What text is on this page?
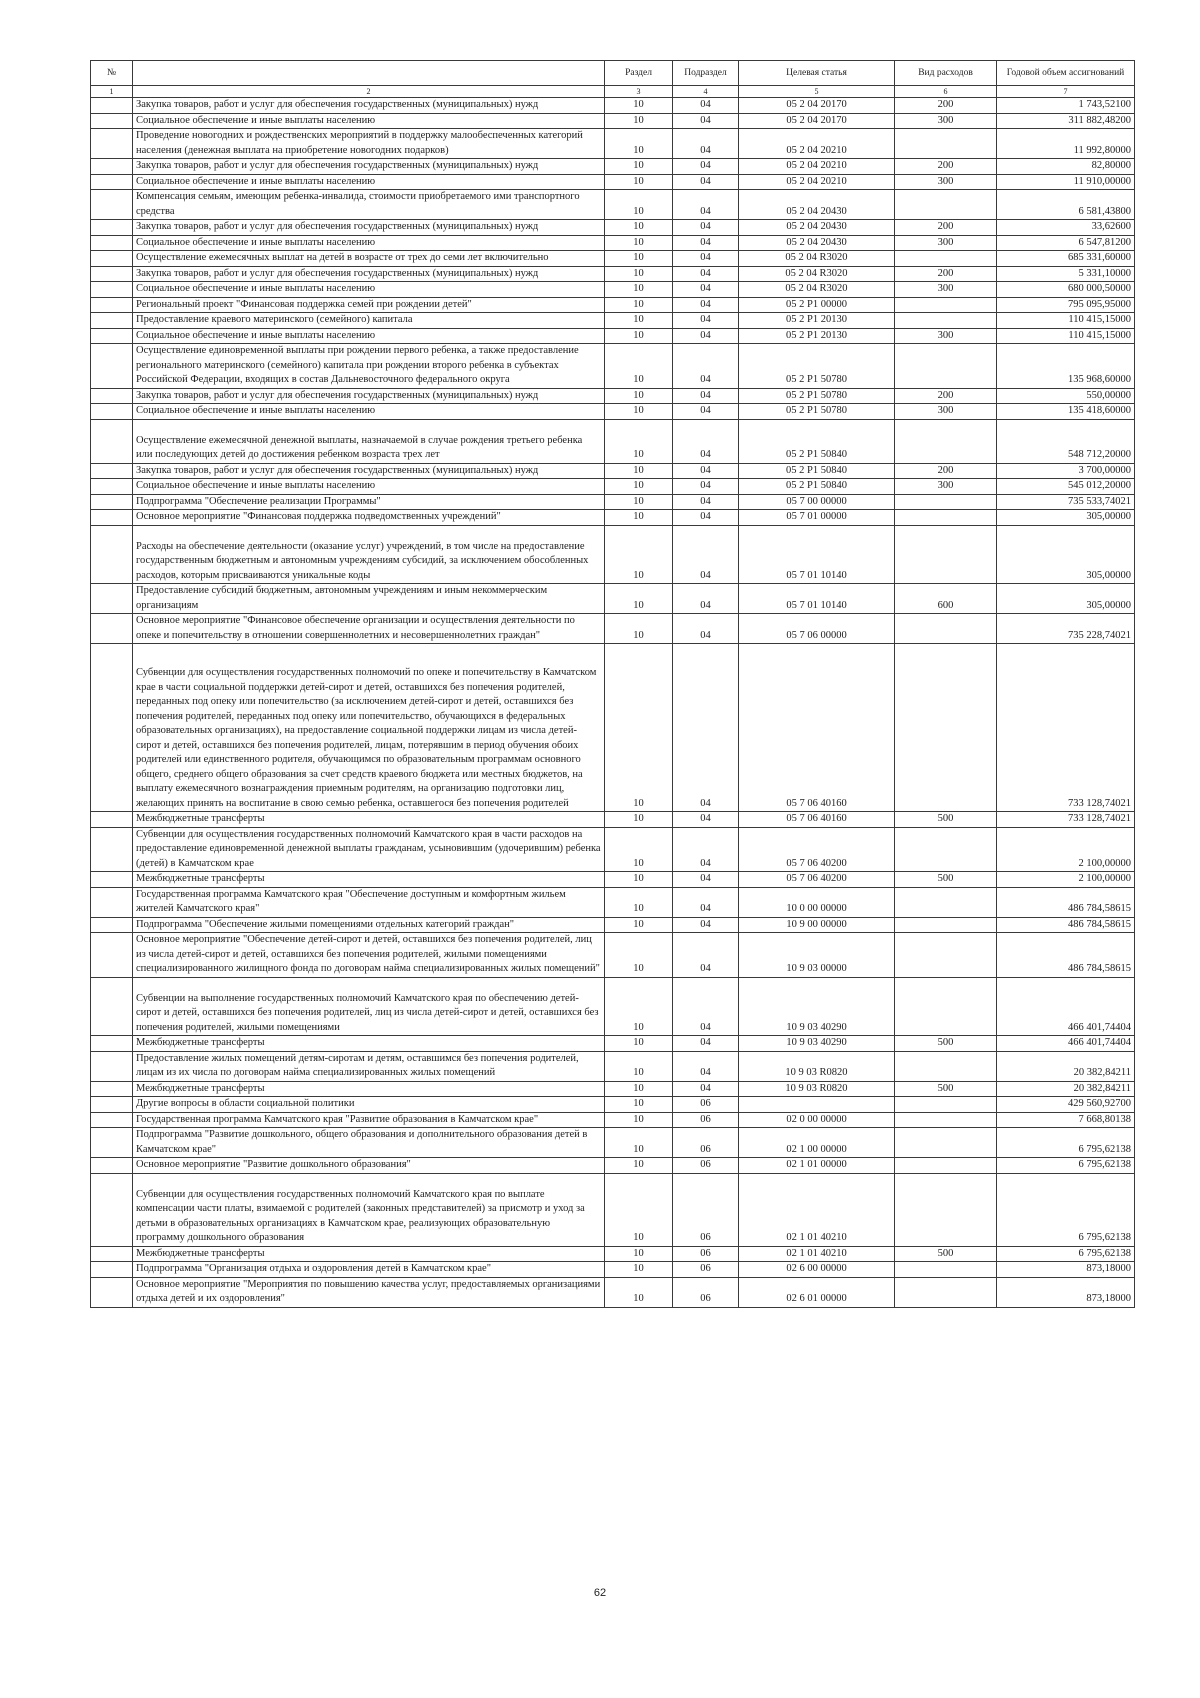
№		Раздел	Подраздел	Целевая статья	Вид расходов	Годовой объем ассигнований
1	2	3	4	5	6	7
	Закупка товаров, работ и услуг для обеспечения государственных (муниципальных) нужд	10	04	05 2 04 20170	200	1 743,52100
	Социальное обеспечение и иные выплаты населению	10	04	05 2 04 20170	300	311 882,48200
	Проведение новогодних и рождественских мероприятий в поддержку малообеспеченных категорий населения (денежная выплата на приобретение новогодних подарков)	10	04	05 2 04 20210		11 992,80000
	Закупка товаров, работ и услуг для обеспечения государственных (муниципальных) нужд	10	04	05 2 04 20210	200	82,80000
	Социальное обеспечение и иные выплаты населению	10	04	05 2 04 20210	300	11 910,00000
	Компенсация семьям, имеющим ребенка-инвалида, стоимости приобретаемого ими транспортного средства	10	04	05 2 04 20430		6 581,43800
	Закупка товаров, работ и услуг для обеспечения государственных (муниципальных) нужд	10	04	05 2 04 20430	200	33,62600
	Социальное обеспечение и иные выплаты населению	10	04	05 2 04 20430	300	6 547,81200
	Осуществление ежемесячных выплат на детей в возрасте от трех до семи лет включительно	10	04	05 2 04 R3020		685 331,60000
	Закупка товаров, работ и услуг для обеспечения государственных (муниципальных) нужд	10	04	05 2 04 R3020	200	5 331,10000
	Социальное обеспечение и иные выплаты населению	10	04	05 2 04 R3020	300	680 000,50000
	Региональный проект "Финансовая поддержка семей при рождении детей"	10	04	05 2 P1 00000		795 095,95000
	Предоставление краевого материнского (семейного) капитала	10	04	05 2 P1 20130		110 415,15000
	Социальное обеспечение и иные выплаты населению	10	04	05 2 P1 20130	300	110 415,15000
	Осуществление единовременной выплаты при рождении первого ребенка, а также предоставление регионального материнского (семейного) капитала при рождении второго ребенка в субъектах Российской Федерации, входящих в состав Дальневосточного федерального округа	10	04	05 2 P1 50780		135 968,60000
	Закупка товаров, работ и услуг для обеспечения государственных (муниципальных) нужд	10	04	05 2 P1 50780	200	550,00000
	Социальное обеспечение и иные выплаты населению	10	04	05 2 P1 50780	300	135 418,60000
	Осуществление ежемесячной денежной выплаты, назначаемой в случае рождения третьего ребенка или последующих детей до достижения ребенком возраста трех лет	10	04	05 2 P1 50840		548 712,20000
	Закупка товаров, работ и услуг для обеспечения государственных (муниципальных) нужд	10	04	05 2 P1 50840	200	3 700,00000
	Социальное обеспечение и иные выплаты населению	10	04	05 2 P1 50840	300	545 012,20000
	Подпрограмма "Обеспечение реализации Программы"	10	04	05 7 00 00000		735 533,74021
	Основное мероприятие "Финансовая поддержка подведомственных учреждений"	10	04	05 7 01 00000		305,00000
	Расходы на обеспечение деятельности (оказание услуг) учреждений, в том числе на предоставление государственным бюджетным и автономным учреждениям субсидий, за исключением обособленных расходов, которым присваиваются уникальные коды	10	04	05 7 01 10140		305,00000
	Предоставление субсидий бюджетным, автономным учреждениям и иным некоммерческим организациям	10	04	05 7 01 10140	600	305,00000
	Основное мероприятие "Финансовое обеспечение организации и осуществления деятельности по опеке и попечительству в отношении совершеннолетних и несовершеннолетних граждан"	10	04	05 7 06 00000		735 228,74021
	Субвенции для осуществления государственных полномочий по опеке и попечительству в Камчатском крае в части социальной поддержки детей-сирот и детей, оставшихся без попечения родителей, переданных под опеку или попечительство (за исключением детей-сирот и детей, оставшихся без попечения родителей, переданных под опеку или попечительство, обучающихся в федеральных образовательных организациях), на предоставление социальной поддержки лицам из числа детей-сирот и детей, оставшихся без попечения родителей, лицам, потерявшим в период обучения обоих родителей или единственного родителя, обучающимся по образовательным программам основного общего, среднего общего образования за счет средств краевого бюджета или местных бюджетов, на выплату ежемесячного вознаграждения приемным родителям, на организацию подготовки лиц, желающих принять на воспитание в свою семью ребенка, оставшегося без попечения родителей	10	04	05 7 06 40160		733 128,74021
	Межбюджетные трансферты	10	04	05 7 06 40160	500	733 128,74021
	Субвенции для осуществления государственных полномочий Камчатского края в части расходов на предоставление единовременной денежной выплаты гражданам, усыновившим (удочерившим) ребенка (детей) в Камчатском крае	10	04	05 7 06 40200		2 100,00000
	Межбюджетные трансферты	10	04	05 7 06 40200	500	2 100,00000
	Государственная программа Камчатского края "Обеспечение доступным и комфортным жильем жителей Камчатского края"	10	04	10 0 00 00000		486 784,58615
	Подпрограмма "Обеспечение жилыми помещениями отдельных категорий граждан"	10	04	10 9 00 00000		486 784,58615
	Основное мероприятие "Обеспечение детей-сирот и детей, оставшихся без попечения родителей, лиц из числа детей-сирот и детей, оставшихся без попечения родителей, жилыми помещениями специализированного жилищного фонда по договорам найма специализированных жилых помещений"	10	04	10 9 03 00000		486 784,58615
	Субвенции на выполнение государственных полномочий Камчатского края по обеспечению детей-сирот и детей, оставшихся без попечения родителей, лиц из числа детей-сирот и детей, оставшихся без попечения родителей, жилыми помещениями	10	04	10 9 03 40290		466 401,74404
	Межбюджетные трансферты	10	04	10 9 03 40290	500	466 401,74404
	Предоставление жилых помещений детям-сиротам и детям, оставшимся без попечения родителей, лицам из их числа по договорам найма специализированных жилых помещений	10	04	10 9 03 R0820		20 382,84211
	Межбюджетные трансферты	10	04	10 9 03 R0820	500	20 382,84211
	Другие вопросы в области социальной политики	10	06			429 560,92700
	Государственная программа Камчатского края "Развитие образования в Камчатском крае"	10	06	02 0 00 00000		7 668,80138
	Подпрограмма "Развитие дошкольного, общего образования и дополнительного образования детей в Камчатском крае"	10	06	02 1 00 00000		6 795,62138
	Основное мероприятие "Развитие дошкольного образования"	10	06	02 1 01 00000		6 795,62138
	Субвенции для осуществления государственных полномочий Камчатского края по выплате компенсации части платы, взимаемой с родителей (законных представителей) за присмотр и уход за детьми в образовательных организациях в Камчатском крае, реализующих образовательную программу дошкольного образования	10	06	02 1 01 40210		6 795,62138
	Межбюджетные трансферты	10	06	02 1 01 40210	500	6 795,62138
	Подпрограмма "Организация отдыха и оздоровления детей в Камчатском крае"	10	06	02 6 00 00000		873,18000
	Основное мероприятие "Мероприятия по повышению качества услуг, предоставляемых организациями отдыха детей и их оздоровления"	10	06	02 6 01 00000		873,18000
62
